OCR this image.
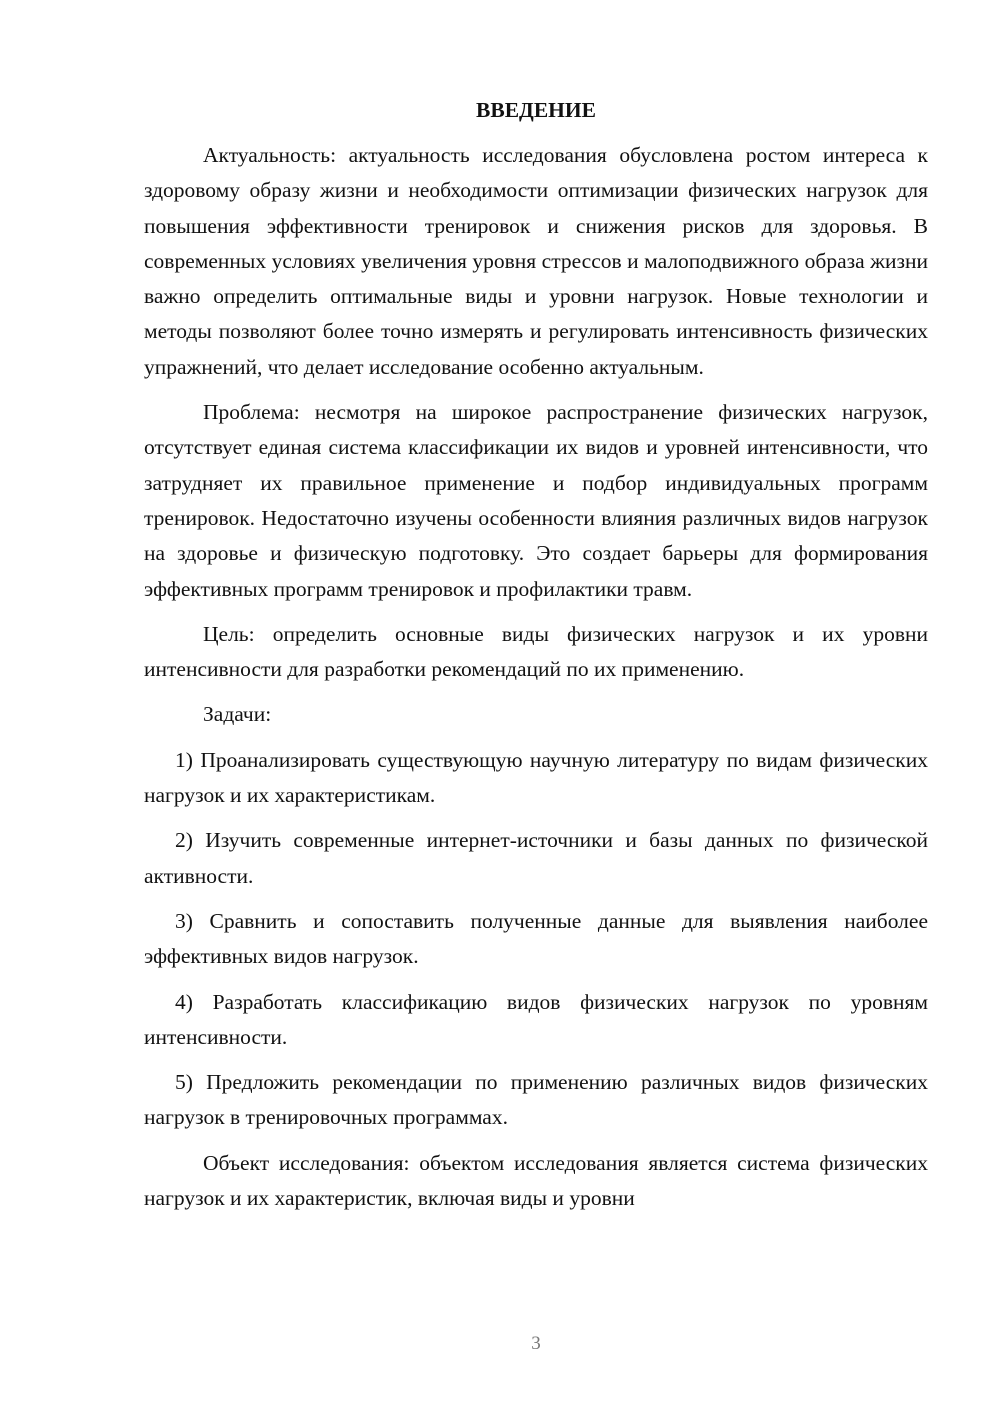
ВВЕДЕНИЕ

Актуальность: актуальность исследования обусловлена ростом интереса к здоровому образу жизни и необходимости оптимизации физических нагрузок для повышения эффективности тренировок и снижения рисков для здоровья. В современных условиях увеличения уровня стрессов и малоподвижного образа жизни важно определить оптимальные виды и уровни нагрузок. Новые технологии и методы позволяют более точно измерять и регулировать интенсивность физических упражнений, что делает исследование особенно актуальным.

Проблема: несмотря на широкое распространение физических нагрузок, отсутствует единая система классификации их видов и уровней интенсивности, что затрудняет их правильное применение и подбор индивидуальных программ тренировок. Недостаточно изучены особенности влияния различных видов нагрузок на здоровье и физическую подготовку. Это создает барьеры для формирования эффективных программ тренировок и профилактики травм.

Цель: определить основные виды физических нагрузок и их уровни интенсивности для разработки рекомендаций по их применению.

Задачи:

1) Проанализировать существующую научную литературу по видам физических нагрузок и их характеристикам.

2) Изучить современные интернет-источники и базы данных по физической активности.

3) Сравнить и сопоставить полученные данные для выявления наиболее эффективных видов нагрузок.

4) Разработать классификацию видов физических нагрузок по уровням интенсивности.

5) Предложить рекомендации по применению различных видов физических нагрузок в тренировочных программах.

Объект исследования: объектом исследования является система физических нагрузок и их характеристик, включая виды и уровни

3
